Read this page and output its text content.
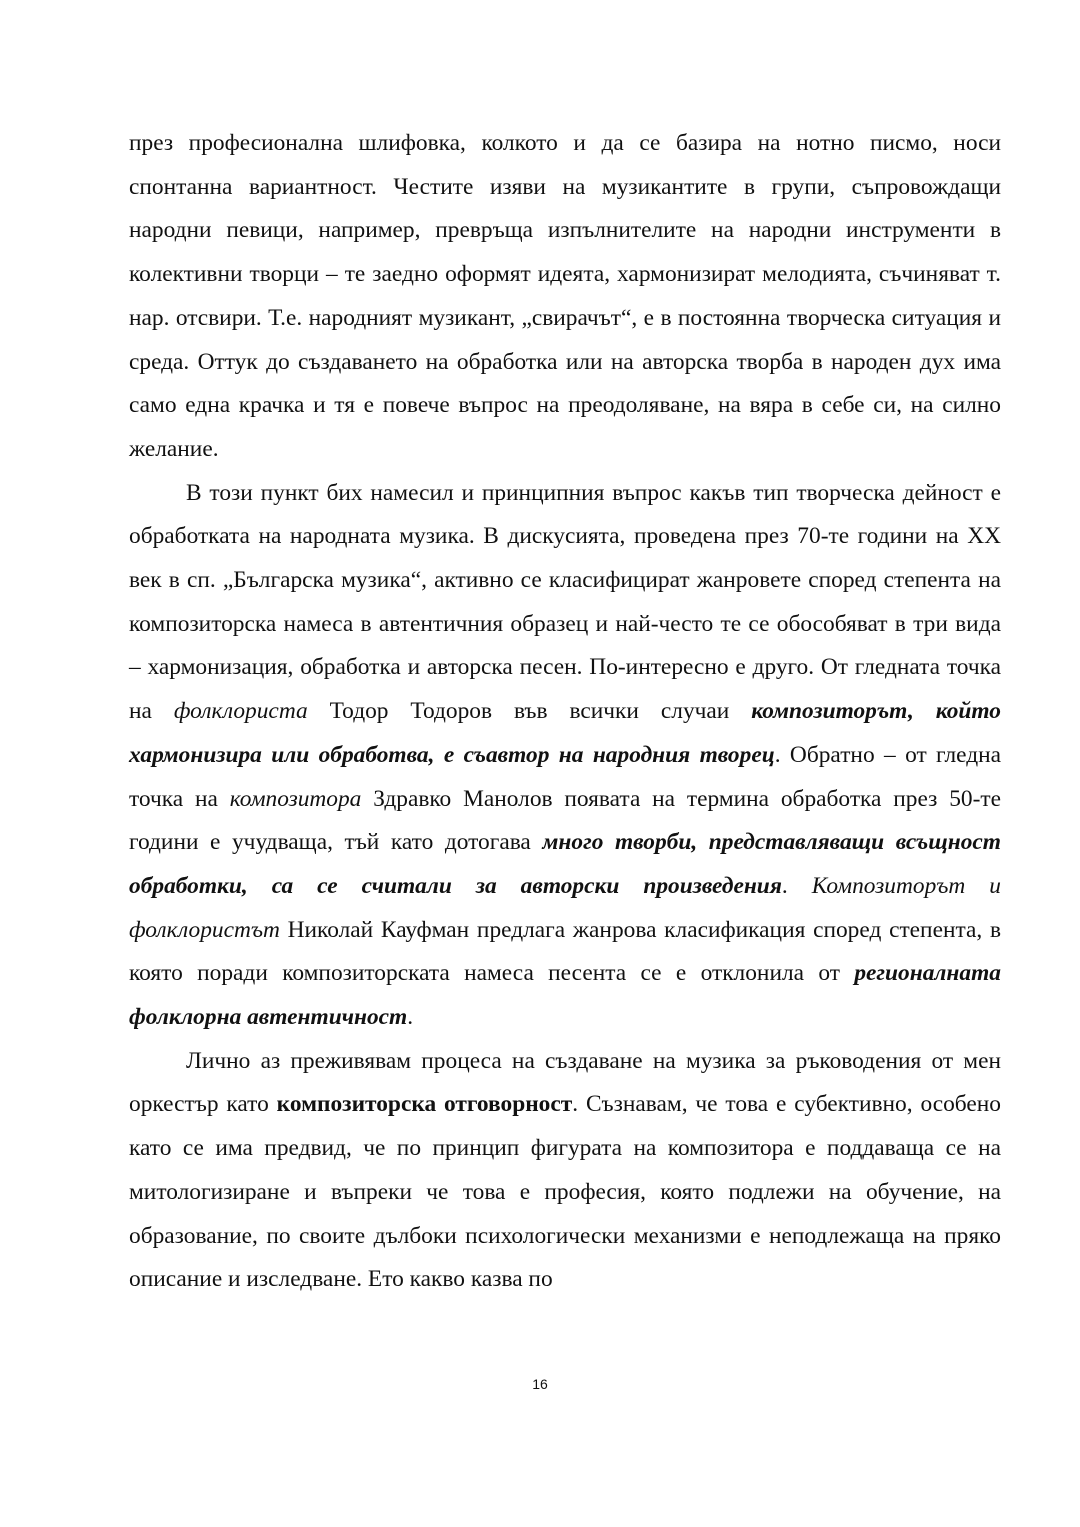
през професионална шлифовка, колкото и да се базира на нотно писмо, носи спонтанна вариантност. Честите изяви на музикантите в групи, съпровождащи народни певици, например, превръща изпълнителите на народни инструменти в колективни творци – те заедно оформят идеята, хармонизират мелодията, съчиняват т. нар. отсвири. Т.е. народният музикант, „свирачът“, е в постоянна творческа ситуация и среда. Оттук до създаването на обработка или на авторска творба в народен дух има само една крачка и тя е повече въпрос на преодоляване, на вяра в себе си, на силно желание.

В този пункт бих намесил и принципния въпрос какъв тип творческа дейност е обработката на народната музика. В дискусията, проведена през 70-те години на XX век в сп. „Българска музика“, активно се класифицират жанровете според степента на композиторска намеса в автентичния образец и най-често те се обособяват в три вида – хармонизация, обработка и авторска песен. По-интересно е друго. От гледната точка на фолклориста Тодор Тодоров във всички случаи композиторът, който хармонизира или обработва, е съавтор на народния творец. Обратно – от гледна точка на композитора Здравко Манолов появата на термина обработка през 50-те години е учудваща, тъй като дотогава много творби, представляващи всъщност обработки, са се считали за авторски произведения. Композиторът и фолклористът Николай Кауфман предлага жанрова класификация според степента, в която поради композиторската намеса песента се е отклонила от регионалната фолклорна автентичност.

Лично аз преживявам процеса на създаване на музика за ръководения от мен оркестър като композиторска отговорност. Съзнавам, че това е субективно, особено като се има предвид, че по принцип фигурата на композитора е поддаваща се на митологизиране и въпреки че това е професия, която подлежи на обучение, на образование, по своите дълбоки психологически механизми е неподлежаща на пряко описание и изследване. Ето какво казва по

16
